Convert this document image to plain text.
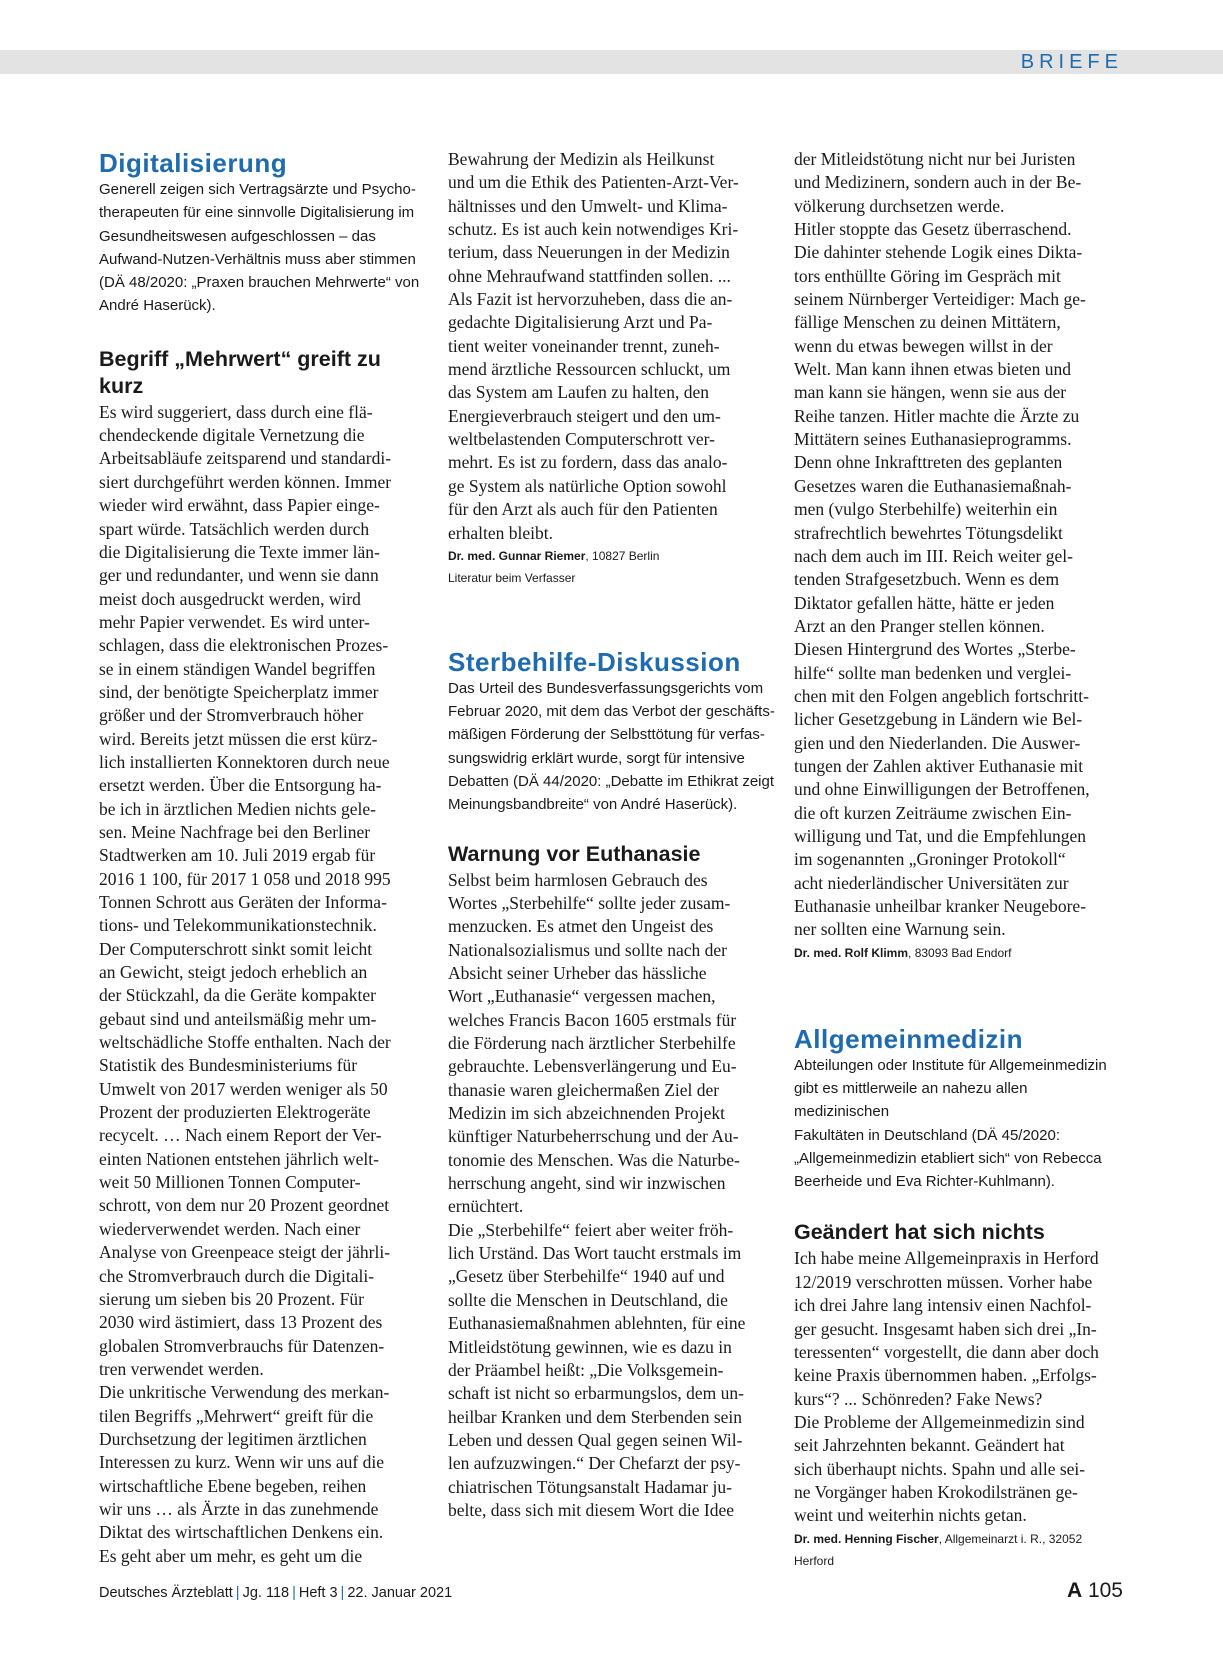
BRIEFE
Digitalisierung
Generell zeigen sich Vertragsärzte und Psycho-
therapeuten für eine sinnvolle Digitalisierung im
Gesundheitswesen aufgeschlossen – das
Aufwand-Nutzen-Verhältnis muss aber stimmen
(DÄ 48/2020: „Praxen brauchen Mehrwerte“ von
André Haserück).
Begriff „Mehrwert“ greift zu kurz
Es wird suggeriert, dass durch eine flä-
chendeckende digitale Vernetzung die
Arbeitsabläufe zeitsparend und standardi-
siert durchgeführt werden können. Immer
wieder wird erwähnt, dass Papier einge-
spart würde. Tatsächlich werden durch
die Digitalisierung die Texte immer län-
ger und redundanter, und wenn sie dann
meist doch ausgedruckt werden, wird
mehr Papier verwendet. Es wird unter-
schlagen, dass die elektronischen Prozes-
se in einem ständigen Wandel begriffen
sind, der benötigte Speicherplatz immer
größer und der Stromverbrauch höher
wird. Bereits jetzt müssen die erst kürz-
lich installierten Konnektoren durch neue
ersetzt werden. Über die Entsorgung ha-
be ich in ärztlichen Medien nichts gele-
sen. Meine Nachfrage bei den Berliner
Stadtwerken am 10. Juli 2019 ergab für
2016 1 100, für 2017 1 058 und 2018 995
Tonnen Schrott aus Geräten der Informa-
tions- und Telekommunikationstechnik.
Der Computerschrott sinkt somit leicht
an Gewicht, steigt jedoch erheblich an
der Stückzahl, da die Geräte kompakter
gebaut sind und anteilsmäßig mehr um-
weltschädliche Stoffe enthalten. Nach der
Statistik des Bundesministeriums für
Umwelt von 2017 werden weniger als 50
Prozent der produzierten Elektrogeräte
recycelt. … Nach einem Report der Ver-
einten Nationen entstehen jährlich welt-
weit 50 Millionen Tonnen Computer-
schrott, von dem nur 20 Prozent geordnet
wiederverwendet werden. Nach einer
Analyse von Greenpeace steigt der jährli-
che Stromverbrauch durch die Digitali-
sierung um sieben bis 20 Prozent. Für
2030 wird ästimiert, dass 13 Prozent des
globalen Stromverbrauchs für Datenzen-
tren verwendet werden.
Die unkritische Verwendung des merkan-
tilen Begriffs „Mehrwert“ greift für die
Durchsetzung der legitimen ärztlichen
Interessen zu kurz. Wenn wir uns auf die
wirtschaftliche Ebene begeben, reihen
wir uns … als Ärzte in das zunehmende
Diktat des wirtschaftlichen Denkens ein.
Es geht aber um mehr, es geht um die
Bewahrung der Medizin als Heilkunst
und um die Ethik des Patienten-Arzt-Ver-
hältnisses und den Umwelt- und Klima-
schutz. Es ist auch kein notwendiges Kri-
terium, dass Neuerungen in der Medizin
ohne Mehraufwand stattfinden sollen. ...
Als Fazit ist hervorzuheben, dass die an-
gedachte Digitalisierung Arzt und Pa-
tient weiter voneinander trennt, zuneh-
mend ärztliche Ressourcen schluckt, um
das System am Laufen zu halten, den
Energieverbrauch steigert und den um-
weltbelastenden Computerschrott ver-
mehrt. Es ist zu fordern, dass das analo-
ge System als natürliche Option sowohl
für den Arzt als auch für den Patienten
erhalten bleibt.
Dr. med. Gunnar Riemer, 10827 Berlin
Literatur beim Verfasser
Sterbehilfe-Diskussion
Das Urteil des Bundesverfassungsgerichts vom
Februar 2020, mit dem das Verbot der geschäfts-
mäßigen Förderung der Selbsttötung für verfas-
sungswidrig erklärt wurde, sorgt für intensive
Debatten (DÄ 44/2020: „Debatte im Ethikrat zeigt
Meinungsbandbreite“ von André Haserück).
Warnung vor Euthanasie
Selbst beim harmlosen Gebrauch des
Wortes „Sterbehilfe“ sollte jeder zusam-
menzucken. Es atmet den Ungeist des
Nationalsozialismus und sollte nach der
Absicht seiner Urheber das hässliche
Wort „Euthanasie“ vergessen machen,
welches Francis Bacon 1605 erstmals für
die Förderung nach ärztlicher Sterbehilfe
gebrauchte. Lebensverlängerung und Eu-
thanasie waren gleichermaßen Ziel der
Medizin im sich abzeichnenden Projekt
künftiger Naturbeherrschung und der Au-
tonomie des Menschen. Was die Naturbe-
herrschung angeht, sind wir inzwischen
ernüchtert.
Die „Sterbehilfe“ feiert aber weiter fröh-
lich Urständ. Das Wort taucht erstmals im
„Gesetz über Sterbehilfe“ 1940 auf und
sollte die Menschen in Deutschland, die
Euthanasiemaßnahmen ablehnten, für eine
Mitleidstötung gewinnen, wie es dazu in
der Präambel heißt: „Die Volksgemein-
schaft ist nicht so erbarmungslos, dem un-
heilbar Kranken und dem Sterbenden sein
Leben und dessen Qual gegen seinen Wil-
len aufzuzwingen.“ Der Chefarzt der psy-
chiatrischen Tötungsanstalt Hadamar ju-
belte, dass sich mit diesem Wort die Idee
der Mitleidstötung nicht nur bei Juristen
und Medizinern, sondern auch in der Be-
völkerung durchsetzen werde.
Hitler stoppte das Gesetz überraschend.
Die dahinter stehende Logik eines Dikta-
tors enthüllte Göring im Gespräch mit
seinem Nürnberger Verteidiger: Mach ge-
fällige Menschen zu deinen Mittätern,
wenn du etwas bewegen willst in der
Welt. Man kann ihnen etwas bieten und
man kann sie hängen, wenn sie aus der
Reihe tanzen. Hitler machte die Ärzte zu
Mittätern seines Euthanasieprogramms.
Denn ohne Inkrafttreten des geplanten
Gesetzes waren die Euthanasiemaßnah-
men (vulgo Sterbehilfe) weiterhin ein
strafrechtlich bewehrtes Tötungsdelikt
nach dem auch im III. Reich weiter gel-
tenden Strafgesetzbuch. Wenn es dem
Diktator gefallen hätte, hätte er jeden
Arzt an den Pranger stellen können.
Diesen Hintergrund des Wortes „Sterbe-
hilfe“ sollte man bedenken und verglei-
chen mit den Folgen angeblich fortschritt-
licher Gesetzgebung in Ländern wie Bel-
gien und den Niederlanden. Die Auswer-
tungen der Zahlen aktiver Euthanasie mit
und ohne Einwilligungen der Betroffenen,
die oft kurzen Zeiträume zwischen Ein-
willigung und Tat, und die Empfehlungen
im sogenannten „Groninger Protokoll“
acht niederländischer Universitäten zur
Euthanasie unheilbar kranker Neugebore-
ner sollten eine Warnung sein.
Dr. med. Rolf Klimm, 83093 Bad Endorf
Allgemeinmedizin
Abteilungen oder Institute für Allgemeinmedizin
gibt es mittlerweile an nahezu allen medizinischen
Fakultäten in Deutschland (DÄ 45/2020:
„Allgemeinmedizin etabliert sich“ von Rebecca
Beerheide und Eva Richter-Kuhlmann).
Geändert hat sich nichts
Ich habe meine Allgemeinpraxis in Herford
12/2019 verschrotten müssen. Vorher habe
ich drei Jahre lang intensiv einen Nachfol-
ger gesucht. Insgesamt haben sich drei „In-
teressenten“ vorgestellt, die dann aber doch
keine Praxis übernommen haben. „Erfolgs-
kurs“? ... Schönreden? Fake News?
Die Probleme der Allgemeinmedizin sind
seit Jahrzehnten bekannt. Geändert hat
sich überhaupt nichts. Spahn und alle sei-
ne Vorgänger haben Krokodilstränen ge-
weint und weiterhin nichts getan.
Dr. med. Henning Fischer, Allgemeinarzt i. R., 32052 Herford
Deutsches Ärzteblatt | Jg. 118 | Heft 3 | 22. Januar 2021	A 105
